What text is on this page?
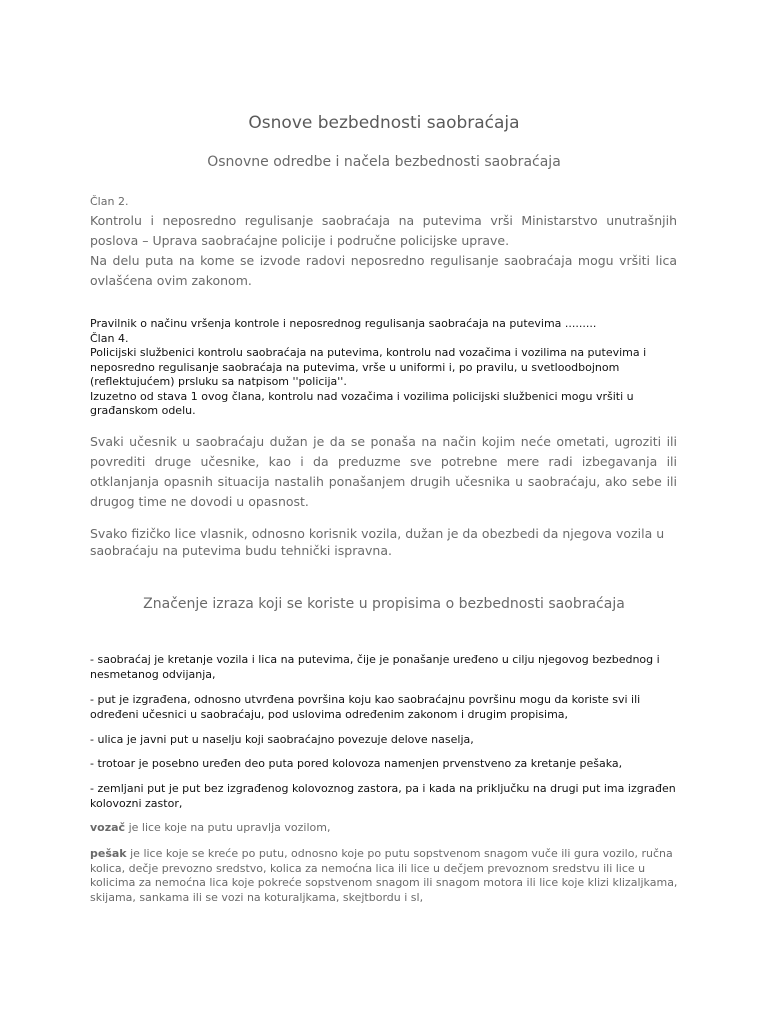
Osnove bezbednosti saobraćaja
Osnovne odredbe i načela bezbednosti saobraćaja
Član 2.

Kontrolu i neposredno regulisanje saobraćaja na putevima vrši Ministarstvo unutrašnjih poslova – Uprava saobraćajne policije i područne policijske uprave.

Na delu puta na kome se izvode radovi neposredno regulisanje saobraćaja mogu vršiti lica ovlašćena ovim zakonom.

Pravilnik o načinu vršenja kontrole i neposrednog regulisanja saobraćaja na putevima .........

Član 4.

Policijski službenici kontrolu saobraćaja na putevima, kontrolu nad vozačima i vozilima na putevima i neposredno regulisanje saobraćaja na putevima, vrše u uniformi i, po pravilu, u svetloodbojnom (reflektujućem) prsluku sa natpisom ''policija''.

Izuzetno od stava 1 ovog člana, kontrolu nad vozačima i vozilima policijski službenici mogu vršiti u građanskom odelu.

Svaki učesnik u saobraćaju dužan je da se ponaša na način kojim neće ometati, ugroziti ili povrediti druge učesnike, kao i da preduzme sve potrebne mere radi izbegavanja ili otklanjanja opasnih situacija nastalih ponašanjem drugih učesnika u saobraćaju, ako sebe ili drugog time ne dovodi u opasnost.
Svako fizičko lice vlasnik, odnosno korisnik vozila, dužan je da obezbedi da njegova vozila u saobraćaju na putevima budu tehnički ispravna.
Značenje izraza koji se koriste u propisima o bezbednosti saobraćaja

- saobraćaj je kretanje vozila i lica na putevima, čije je ponašanje uređeno u cilju njegovog bezbednog i nesmetanog odvijanja,

- put je izgrađena, odnosno utvrđena površina koju kao saobraćajnu površinu mogu da koriste svi ili određeni učesnici u saobraćaju, pod uslovima određenim zakonom i drugim propisima,

- ulica je javni put u naselju koji saobraćajno povezuje delove naselja,

- trotoar je posebno uređen deo puta pored kolovoza namenjen prvenstveno za kretanje pešaka,

- zemljani put je put bez izgrađenog kolovoznog zastora, pa i kada na priključku na drugi put ima izgrađen kolovozni zastor,

vozač je lice koje na putu upravlja vozilom,

pešak je lice koje se kreće po putu, odnosno koje po putu sopstvenom snagom vuče ili gura vozilo, ručna kolica, dečje prevozno sredstvo, kolica za nemoćna lica ili lice u dečjem prevoznom sredstvu ili lice u kolicima za nemoćna lica koje pokreće sopstvenom snagom ili snagom motora ili lice koje klizi klizaljkama, skijama, sankama ili se vozi na koturaljkama, skejtbordu i sl,
